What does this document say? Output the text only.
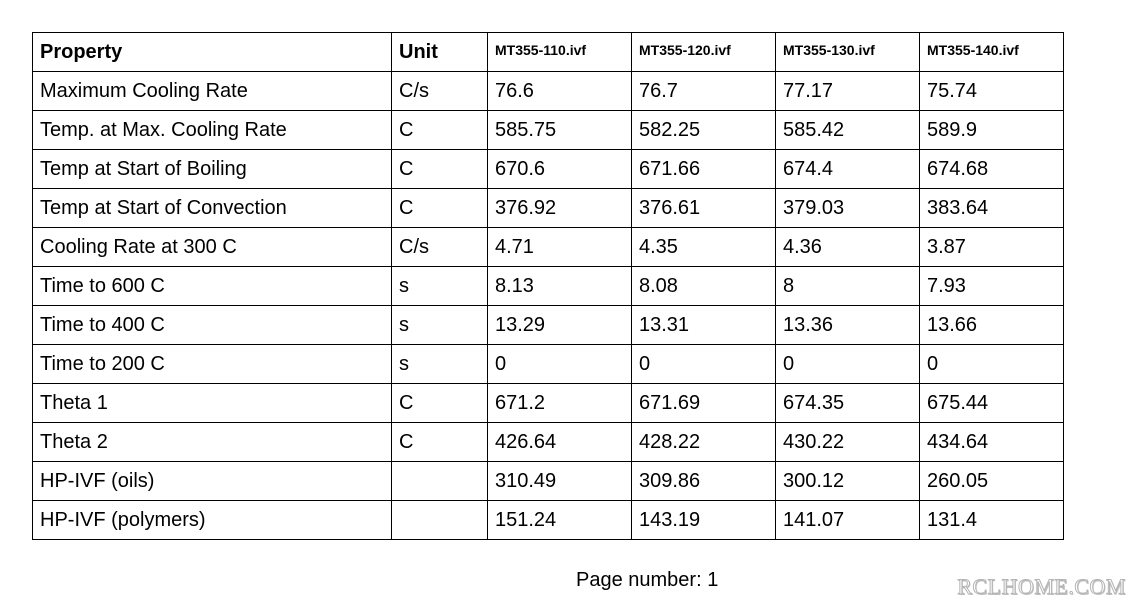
Property	Unit	MT355-110.ivf	MT355-120.ivf	MT355-130.ivf	MT355-140.ivf
Maximum Cooling Rate	C/s	76.6	76.7	77.17	75.74
Temp. at Max. Cooling Rate	C	585.75	582.25	585.42	589.9
Temp at Start of Boiling	C	670.6	671.66	674.4	674.68
Temp at Start of Convection	C	376.92	376.61	379.03	383.64
Cooling Rate at 300 C	C/s	4.71	4.35	4.36	3.87
Time to 600 C	s	8.13	8.08	8	7.93
Time to 400 C	s	13.29	13.31	13.36	13.66
Time to 200 C	s	0	0	0	0
Theta 1	C	671.2	671.69	674.35	675.44
Theta 2	C	426.64	428.22	430.22	434.64
HP-IVF (oils)		310.49	309.86	300.12	260.05
HP-IVF (polymers)		151.24	143.19	141.07	131.4
Page number: 1	RCLHOME.COM
